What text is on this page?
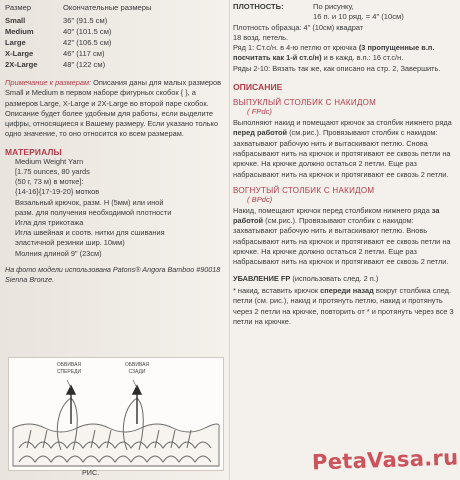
Размер	Окончательные размеры
Small	36" (91.5 см)
Medium	40" (101.5 см)
Large	42" (106.5 см)
X-Large	46" (117 см)
2X-Large	48" (122 см)
Примечание к размерам: Описания даны для малых размеров Small и Medium в первом наборе фигурных скобок { }, а размеров Large, X-Large и 2X-Large во второй паре скобок. Описание будет более удобным для работы, если выделите цифры, относящиеся к Вашему размеру. Если указано только одно значение, то оно относится ко всем размерам.
МАТЕРИАЛЫ
Medium Weight Yarn
[1.75 ounces, 80 yards
(50 г, 73 м) в мотке]:
{14-16}{17-19-20} мотков
Вязальный крючок, разм. H (5мм) или иной
разм. для получения необходимой плотности
Игла для трикотажа
Игла швейная и соотв. нитки для сшивания
эластичной резинки шир. 10мм)
Молния длиной 9" (23см)
На фото модели использована Patons® Angora Bamboo #90018 Sienna Bronze.
ОБВИВАЯ
СПЕРЕДИ
ОБВИВАЯ
СЗАДИ
РИС.
ПЛОТНОСТЬ:	По рисунку,
16 п. и 10 ряд. = 4" (10см)
Плотность образца: 4" (10см) квадрат
18 возд. петель.
Ряд 1: Ст.с/н. в 4-ю петлю от крючка (3 пропущенные в.п. посчитать как 1-й ст.с/н) и в кажд. в.п.: 16 ст.с/н.
Ряды 2-10: Вязать так же, как описано на стр. 2, Завершить.
ОПИСАНИЕ
ВЫПУКЛЫЙ СТОЛБИК С НАКИДОМ
( FPdc)
Выполняют накид и помещают крючок за столбик нижнего ряда перед работой (см.рис.). Провязывают столбик с накидом: захватывают рабочую нить и вытаскивают петлю. Снова набрасывают нить на крючок и протягивают ее сквозь петли на крючке. На крючке должно остаться 2 петли. Еще раз набрасывают нить на крючок и протягивают ее сквозь 2 петли.
ВОГНУТЫЙ СТОЛБИК С НАКИДОМ
( BPdc)
Накид, помещают крючок перед столбиком нижнего ряда за работой (см.рис.). Провязывают столбик с накидом: захватывают рабочую нить и вытаскивают петлю. Вновь набрасывают нить на крючок и протягивают ее сквозь петли на крючке. На крючке должно остаться 2 петли. Еще раз набрасывают нить на крючок и протягивают ее сквозь 2 петли.
УБАВЛЕНИЕ FP (использовать след. 2 п.)
* накид, вставить крючок спереди назад вокруг столбика след. петли (см. рис.), накид и протянуть петлю, накид и протянуть через 2 петли на крючке, повторить от * и протянуть через все 3 петли на крючке.
PetaVasa.ru
